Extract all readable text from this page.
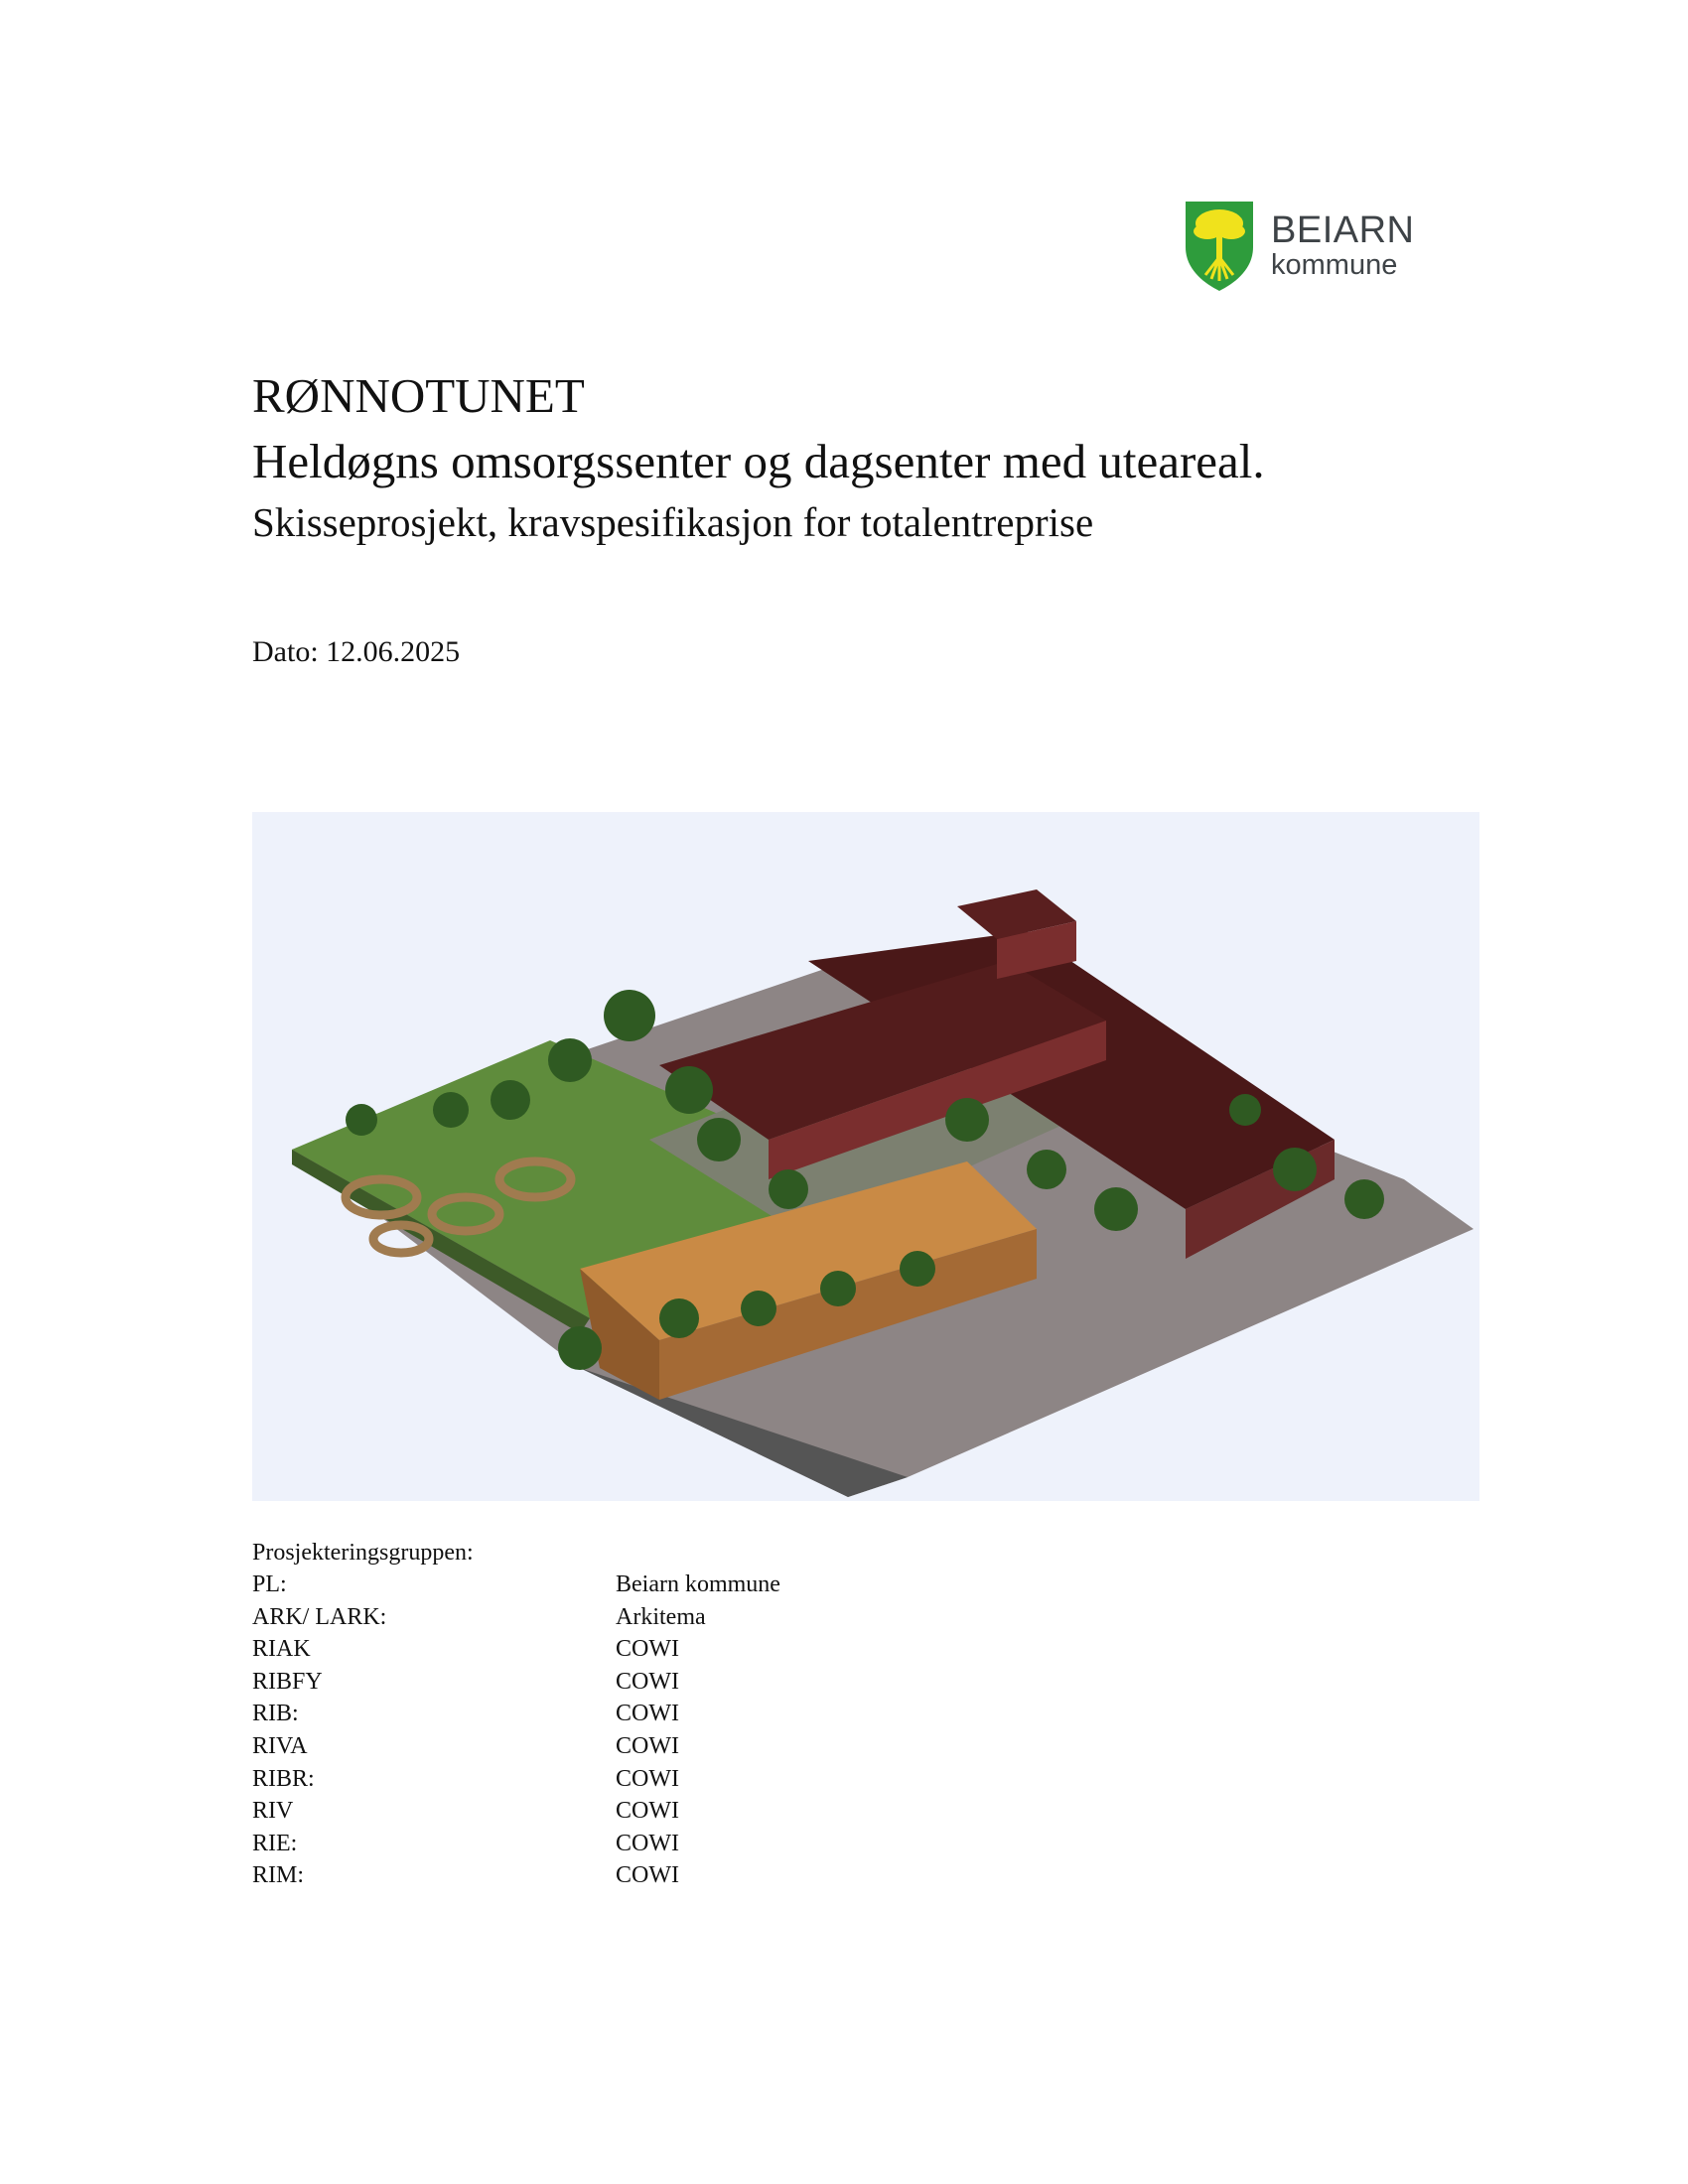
BEIARN
kommune
RØNNOTUNET
Heldøgns omsorgssenter og dagsenter med uteareal.
Skisseprosjekt, kravspesifikasjon for totalentreprise
Dato: 12.06.2025
Prosjekteringsgruppen:
PL:	Beiarn kommune
ARK/ LARK:	Arkitema
RIAK	COWI
RIBFY	COWI
RIB:	COWI
RIVA	COWI
RIBR:	COWI
RIV	COWI
RIE:	COWI
RIM:	COWI
